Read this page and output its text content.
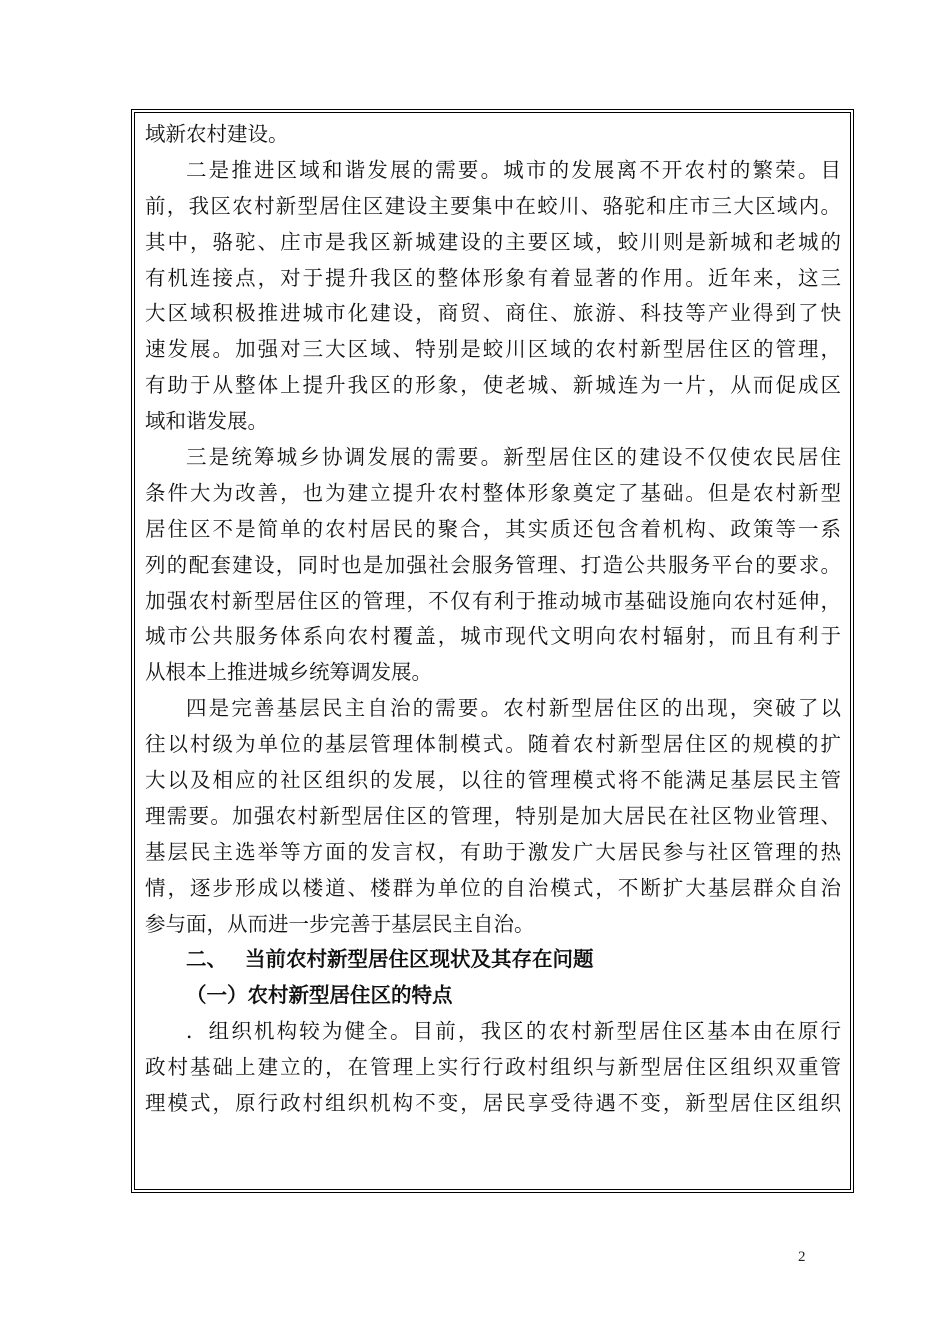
域新农村建设。
二是推进区域和谐发展的需要。城市的发展离不开农村的繁荣。目
前，我区农村新型居住区建设主要集中在蛟川、骆驼和庄市三大区域内。
其中，骆驼、庄市是我区新城建设的主要区域，蛟川则是新城和老城的
有机连接点，对于提升我区的整体形象有着显著的作用。近年来，这三
大区域积极推进城市化建设，商贸、商住、旅游、科技等产业得到了快
速发展。加强对三大区域、特别是蛟川区域的农村新型居住区的管理，
有助于从整体上提升我区的形象，使老城、新城连为一片，从而促成区
域和谐发展。
三是统筹城乡协调发展的需要。新型居住区的建设不仅使农民居住
条件大为改善，也为建立提升农村整体形象奠定了基础。但是农村新型
居住区不是简单的农村居民的聚合，其实质还包含着机构、政策等一系
列的配套建设，同时也是加强社会服务管理、打造公共服务平台的要求。
加强农村新型居住区的管理，不仅有利于推动城市基础设施向农村延伸，
城市公共服务体系向农村覆盖，城市现代文明向农村辐射，而且有利于
从根本上推进城乡统筹调发展。
四是完善基层民主自治的需要。农村新型居住区的出现，突破了以
往以村级为单位的基层管理体制模式。随着农村新型居住区的规模的扩
大以及相应的社区组织的发展，以往的管理模式将不能满足基层民主管
理需要。加强农村新型居住区的管理，特别是加大居民在社区物业管理、
基层民主选举等方面的发言权，有助于激发广大居民参与社区管理的热
情，逐步形成以楼道、楼群为单位的自治模式，不断扩大基层群众自治
参与面，从而进一步完善于基层民主自治。
二、 当前农村新型居住区现状及其存在问题
（一）农村新型居住区的特点
．组织机构较为健全。目前，我区的农村新型居住区基本由在原行
政村基础上建立的，在管理上实行行政村组织与新型居住区组织双重管
理模式，原行政村组织机构不变，居民享受待遇不变，新型居住区组织
2
